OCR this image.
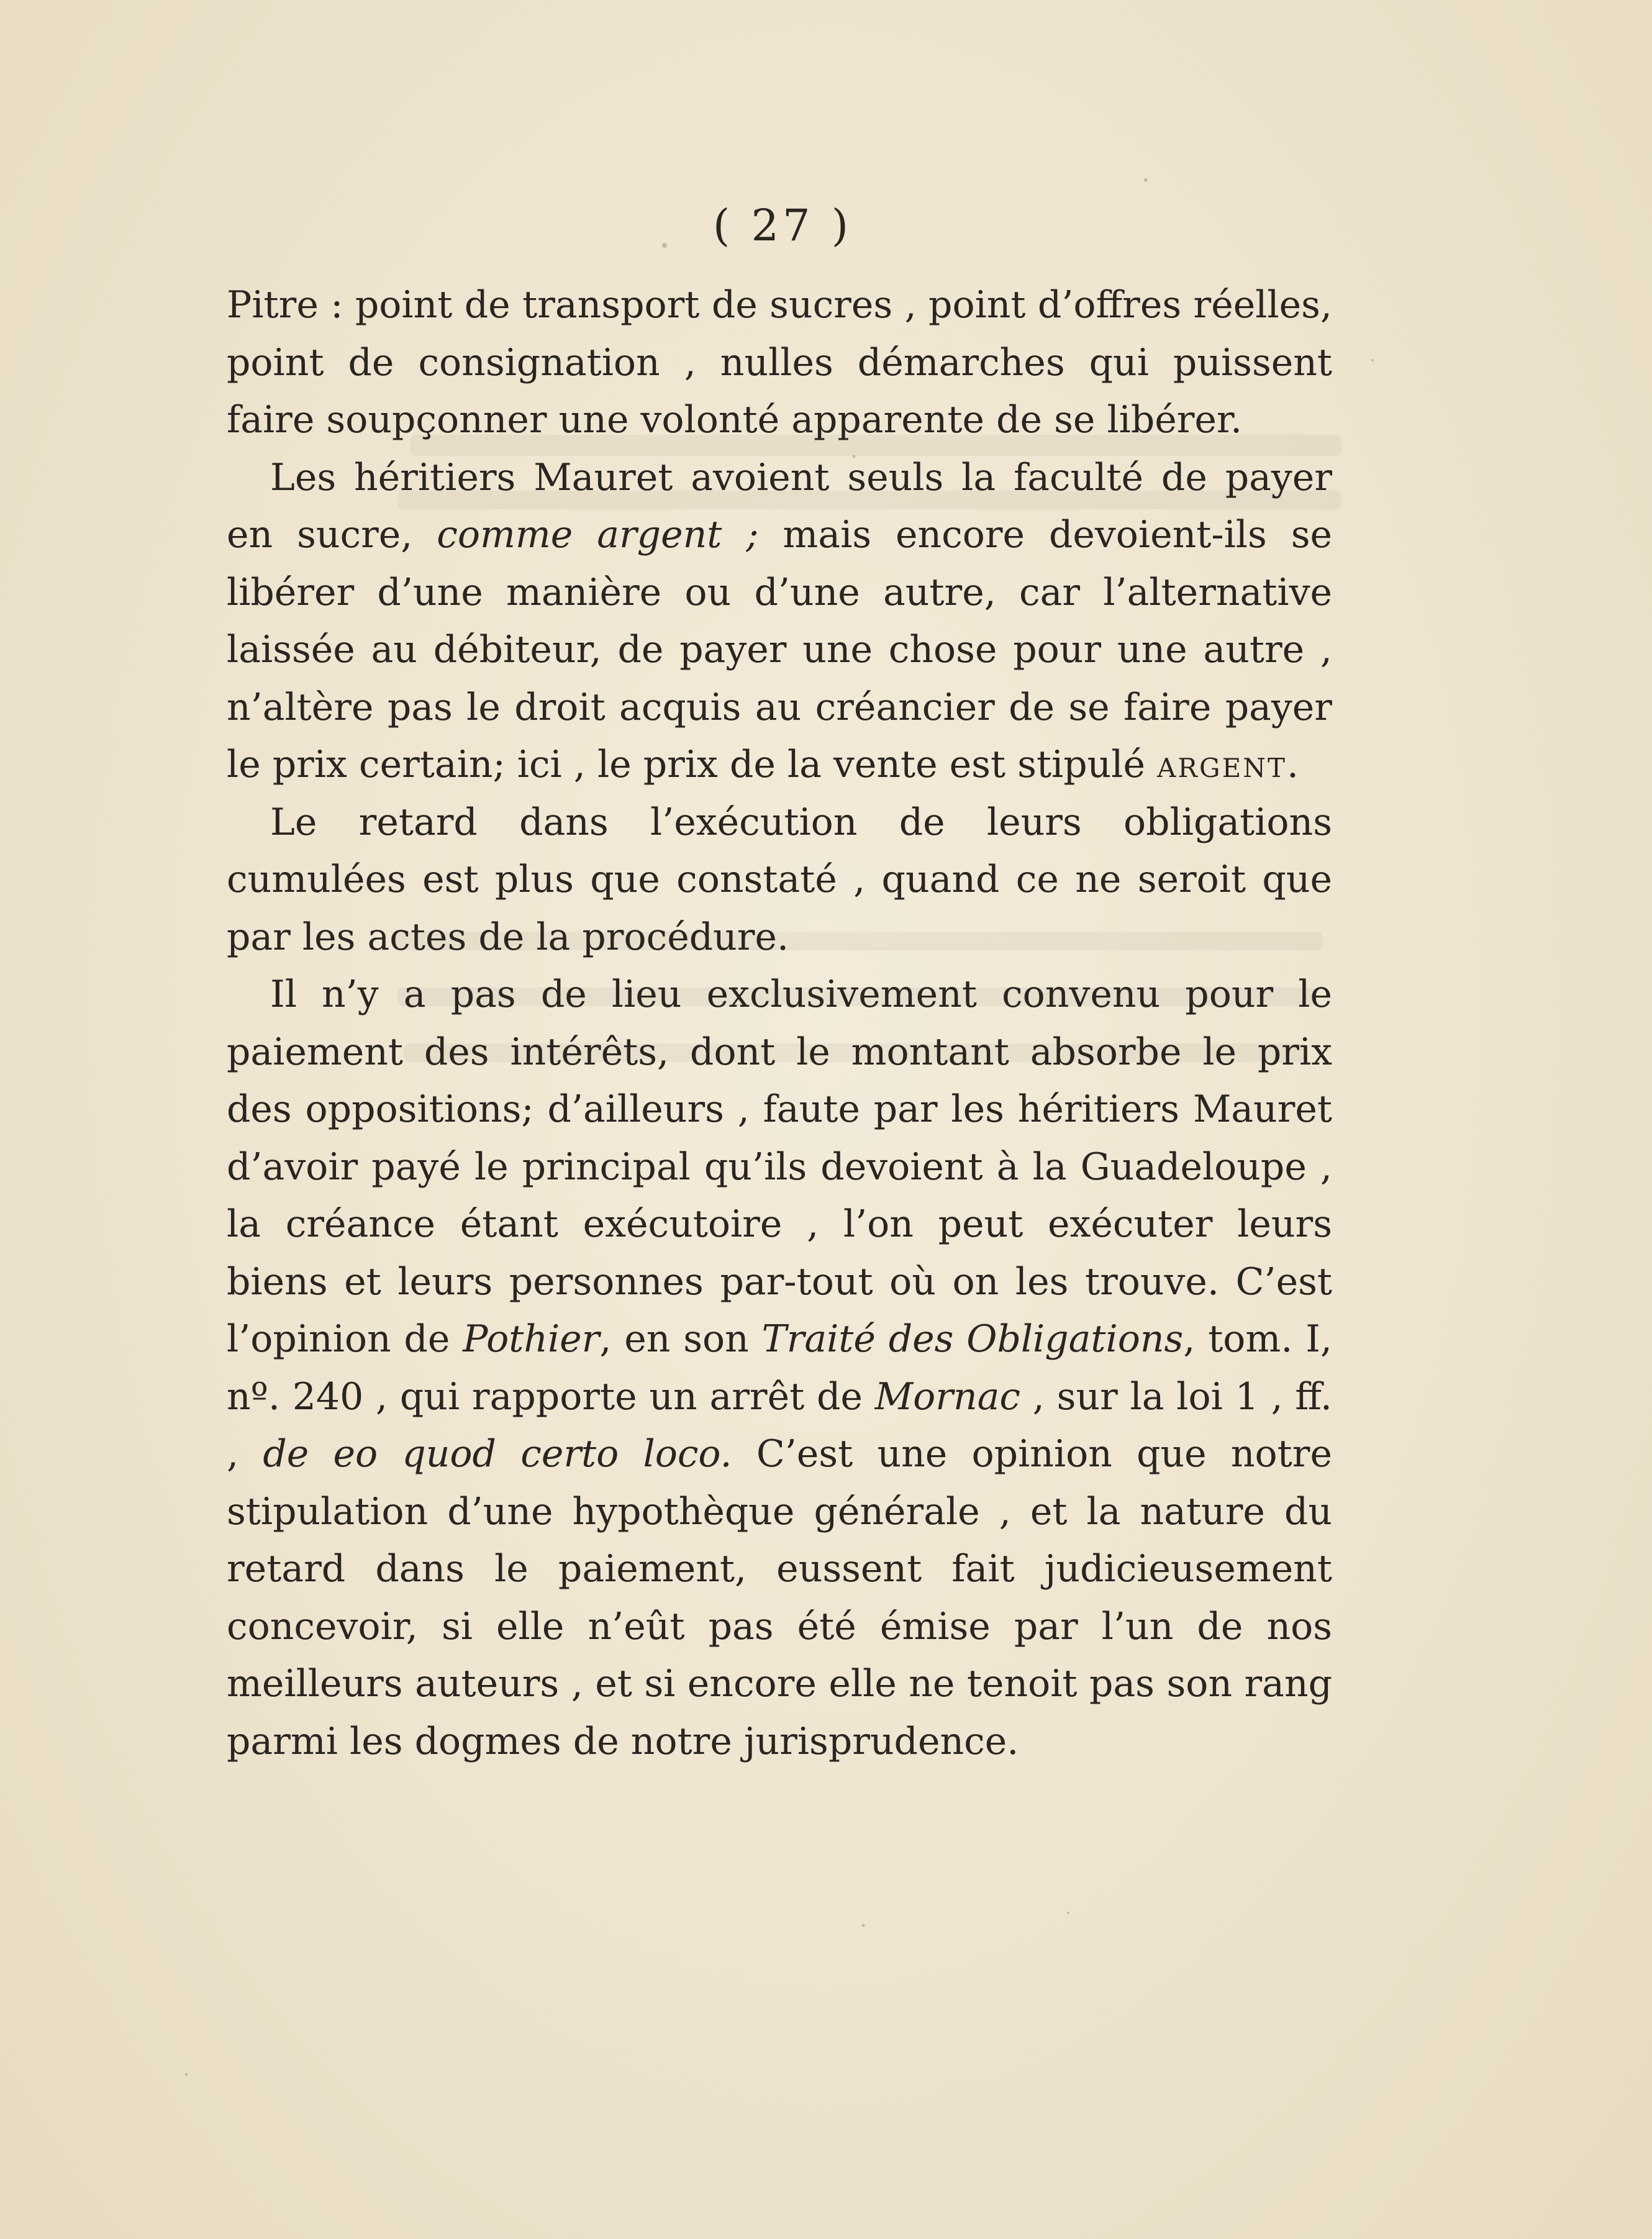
( 27 )

Pitre : point de transport de sucres , point d’offres réelles, point de consignation , nulles démarches qui puissent faire soupçonner une volonté apparente de se libérer.

Les héritiers Mauret avoient seuls la faculté de payer en sucre, comme argent ; mais encore devoient-ils se libérer d’une manière ou d’une autre, car l’alternative laissée au débiteur, de payer une chose pour une autre , n’altère pas le droit acquis au créancier de se faire payer le prix certain; ici , le prix de la vente est stipulé argent.

Le retard dans l’exécution de leurs obligations cumulées est plus que constaté , quand ce ne seroit que par les actes de la procédure.

Il n’y a pas de lieu exclusivement convenu pour le paiement des intérêts, dont le montant absorbe le prix des oppositions; d’ailleurs , faute par les héritiers Mauret d’avoir payé le principal qu’ils devoient à la Guadeloupe , la créance étant exécutoire , l’on peut exécuter leurs biens et leurs personnes par-tout où on les trouve. C’est l’opinion de Pothier, en son Traité des Obligations, tom. I, nº. 240 , qui rapporte un arrêt de Mornac , sur la loi 1 , ff. , de eo quod certo loco. C’est une opinion que notre stipulation d’une hypothèque générale , et la nature du retard dans le paiement, eussent fait judicieusement concevoir, si elle n’eût pas été émise par l’un de nos meilleurs auteurs , et si encore elle ne tenoit pas son rang parmi les dogmes de notre jurisprudence.
